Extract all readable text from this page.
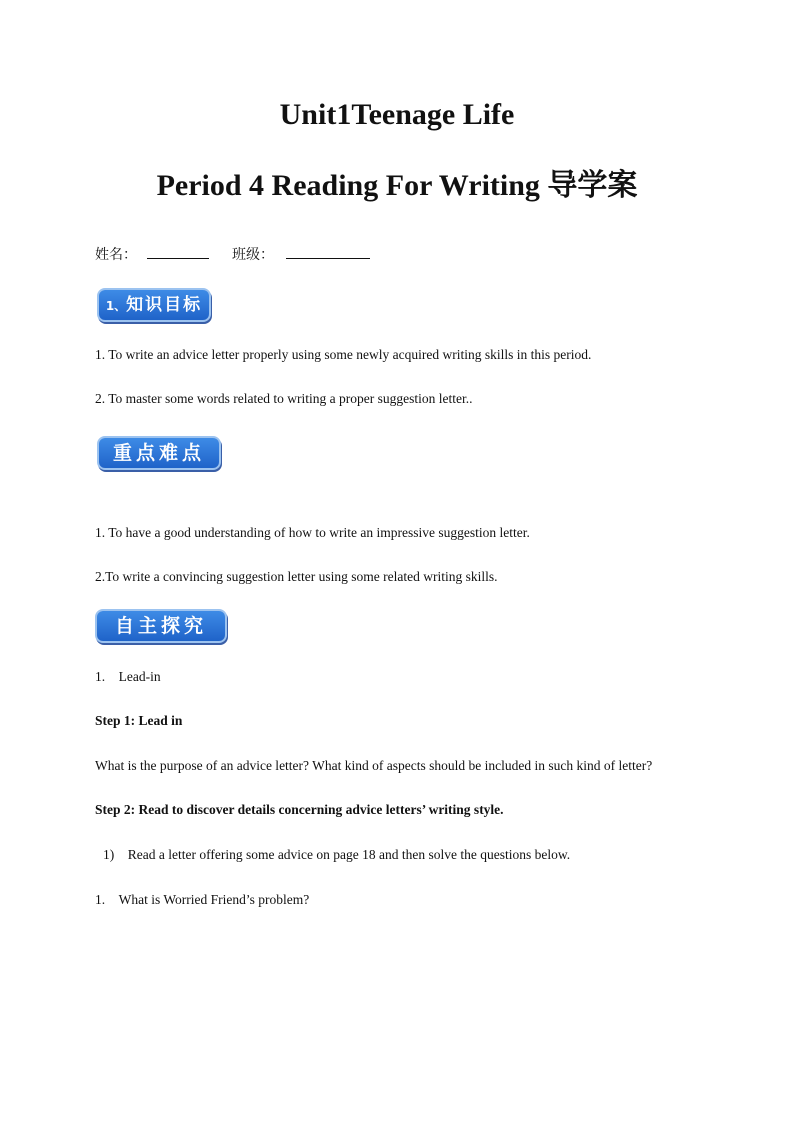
Unit1Teenage Life
Period 4 Reading For Writing 导学案
姓名：	班级：
1、知识目标
1. To write an advice letter properly using some newly acquired writing skills in this period.
2. To master some words related to writing a proper suggestion letter..
重点难点
1. To have a good understanding of how to write an impressive suggestion letter.
2.To write a convincing suggestion letter using some related writing skills.
自主探究
1.    Lead-in
Step 1: Lead in
What is the purpose of an advice letter? What kind of aspects should be included in such kind of letter?
Step 2: Read to discover details concerning advice letters’ writing style.
1)    Read a letter offering some advice on page 18 and then solve the questions below.
1.    What is Worried Friend’s problem?
